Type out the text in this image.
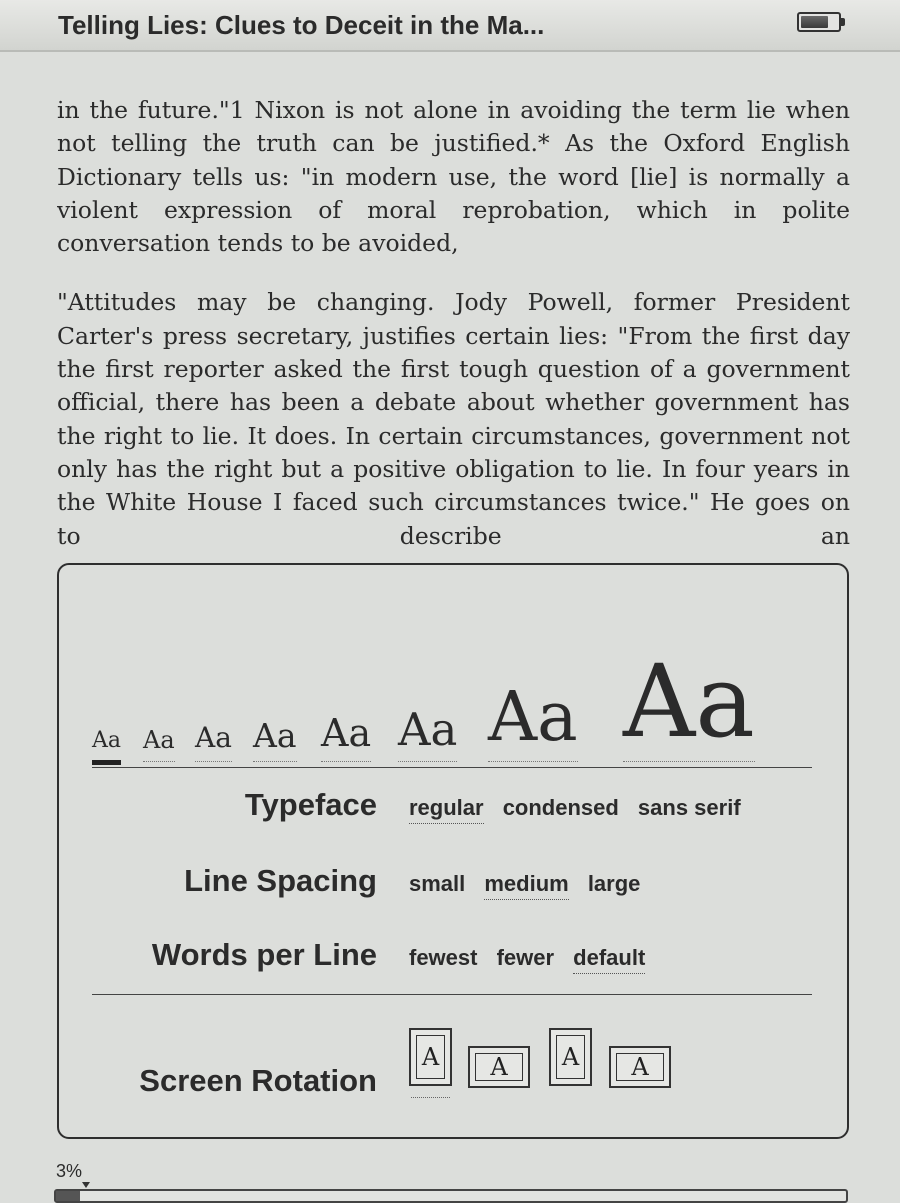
Telling Lies: Clues to Deceit in the Ma...

in the future."1 Nixon is not alone in avoiding the term lie when not telling the truth can be justified.* As the Oxford English Dictionary tells us: "in modern use, the word [lie] is normally a violent expression of moral reprobation, which in polite conversation tends to be avoided,

"Attitudes may be changing. Jody Powell, former President Carter's press secretary, justifies certain lies: "From the first day the first reporter asked the first tough question of a government official, there has been a debate about whether government has the right to lie. It does. In certain circumstances, government not only has the right but a positive obligation to lie. In four years in the White House I faced such circumstances twice." He goes on to describe an

Aa Aa Aa Aa Aa Aa Aa Aa
Typeface regular condensed sans serif
Line Spacing small medium large
Words per Line fewest fewer default
Screen Rotation
A	A	A	A
3%
